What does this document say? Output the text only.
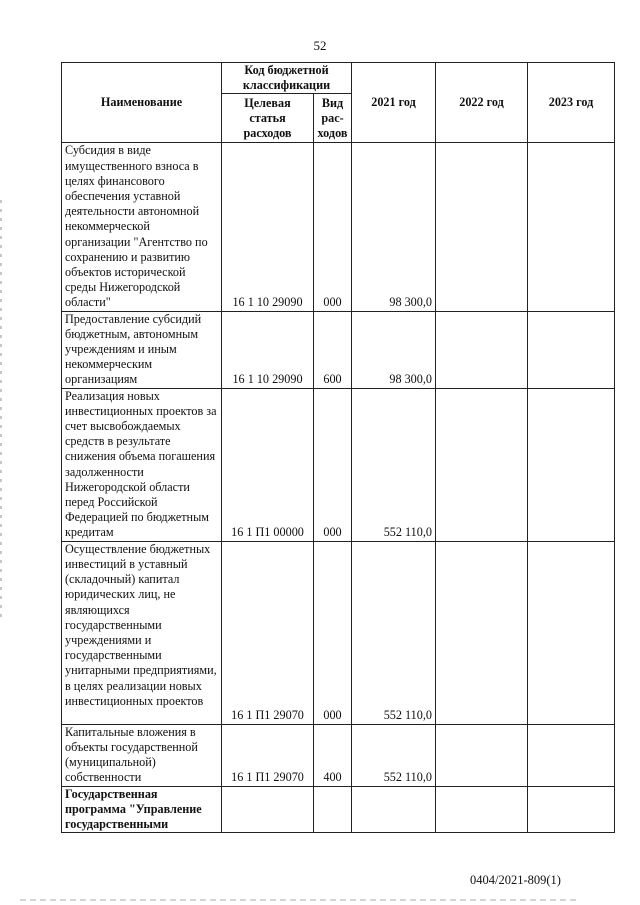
52
Наименование	Код бюджетной классификации		2021 год	2022 год	2023 год
	Целевая статья расходов	Вид рас-ходов			
Субсидия в виде имущественного взноса в целях финансового обеспечения уставной деятельности автономной некоммерческой организации "Агентство по сохранению и развитию объектов исторической среды Нижегородской области"	16 1 10 29090	000	98 300,0		
Предоставление субсидий бюджетным, автономным учреждениям и иным некоммерческим организациям	16 1 10 29090	600	98 300,0		
Реализация новых инвестиционных проектов за счет высвобождаемых средств в результате снижения объема погашения задолженности Нижегородской области перед Российской Федерацией по бюджетным кредитам	16 1 П1 00000	000	552 110,0		
Осуществление бюджетных инвестиций в уставный (складочный) капитал юридических лиц, не являющихся государственными учреждениями и государственными унитарными предприятиями, в целях реализации новых инвестиционных проектов	16 1 П1 29070	000	552 110,0		
Капитальные вложения в объекты государственной (муниципальной) собственности	16 1 П1 29070	400	552 110,0		
Государственная программа "Управление государственными					
0404/2021-809(1)
